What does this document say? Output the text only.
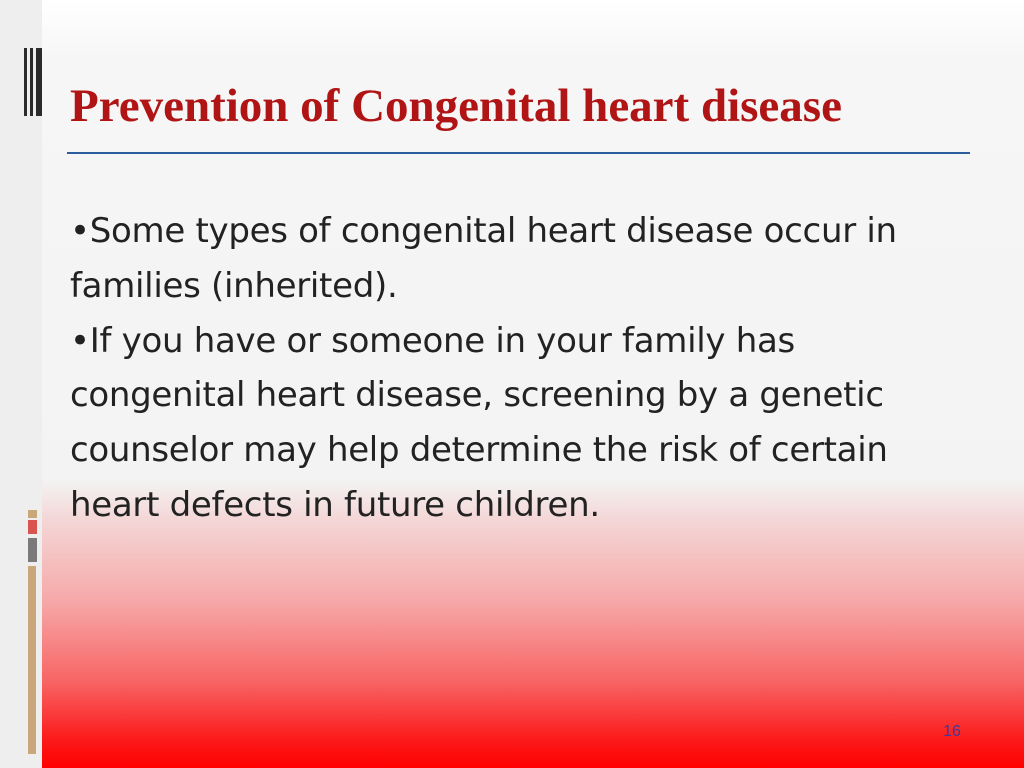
Prevention of Congenital heart disease

•Some types of congenital heart disease occur in families (inherited).

•If you have or someone in your family has congenital heart disease, screening by a genetic counselor may help determine the risk of certain heart defects in future children.

16
